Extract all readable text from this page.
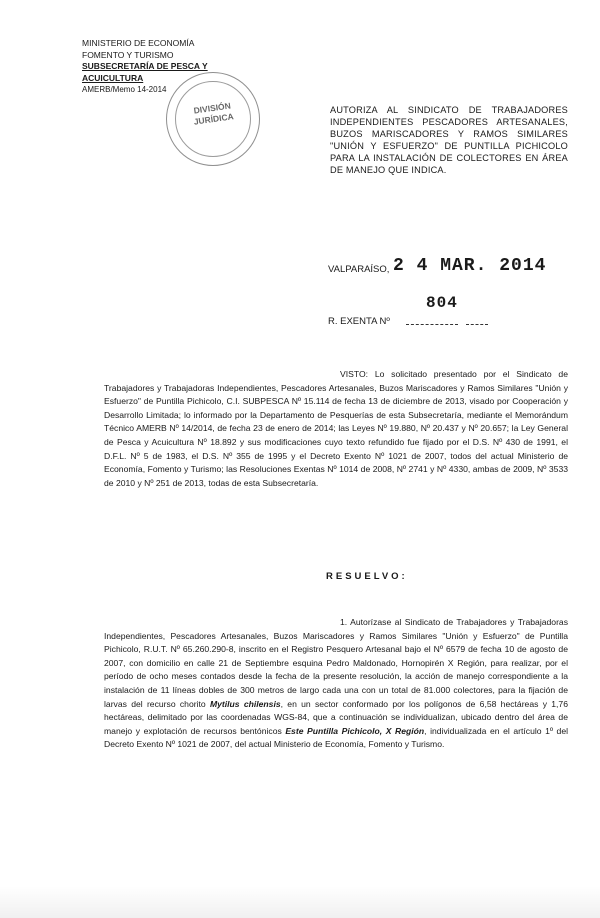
MINISTERIO DE ECONOMÍA
FOMENTO Y TURISMO
SUBSECRETARÍA DE PESCA Y ACUICULTURA
AMERB/Memo 14-2014
DIVISIÓN JURÍDICA
AUTORIZA AL SINDICATO DE TRABAJADORES INDEPENDIENTES PESCADORES ARTESANALES, BUZOS MARISCADORES Y RAMOS SIMILARES "UNIÓN Y ESFUERZO" DE PUNTILLA PICHICOLO PARA LA INSTALACIÓN DE COLECTORES EN ÁREA DE MANEJO QUE INDICA.
VALPARAÍSO, 2 4 MAR. 2014
R. EXENTA Nº
804
VISTO: Lo solicitado presentado por el Sindicato de Trabajadores y Trabajadoras Independientes, Pescadores Artesanales, Buzos Mariscadores y Ramos Similares "Unión y Esfuerzo" de Puntilla Pichicolo, C.I. SUBPESCA Nº 15.114 de fecha 13 de diciembre de 2013, visado por Cooperación y Desarrollo Limitada; lo informado por la Departamento de Pesquerías de esta Subsecretaría, mediante el Memorándum Técnico AMERB Nº 14/2014, de fecha 23 de enero de 2014; las Leyes Nº 19.880, Nº 20.437 y Nº 20.657; la Ley General de Pesca y Acuicultura Nº 18.892 y sus modificaciones cuyo texto refundido fue fijado por el D.S. Nº 430 de 1991, el D.F.L. Nº 5 de 1983, el D.S. Nº 355 de 1995 y el Decreto Exento Nº 1021 de 2007, todos del actual Ministerio de Economía, Fomento y Turismo; las Resoluciones Exentas Nº 1014 de 2008, Nº 2741 y Nº 4330, ambas de 2009, Nº 3533 de 2010 y Nº 251 de 2013, todas de esta Subsecretaría.
RESUELVO:
1. Autorízase al Sindicato de Trabajadores y Trabajadoras Independientes, Pescadores Artesanales, Buzos Mariscadores y Ramos Similares "Unión y Esfuerzo" de Puntilla Pichicolo, R.U.T. Nº 65.260.290-8, inscrito en el Registro Pesquero Artesanal bajo el Nº 6579 de fecha 10 de agosto de 2007, con domicilio en calle 21 de Septiembre esquina Pedro Maldonado, Hornopirén X Región, para realizar, por el período de ocho meses contados desde la fecha de la presente resolución, la acción de manejo correspondiente a la instalación de 11 líneas dobles de 300 metros de largo cada una con un total de 81.000 colectores, para la fijación de larvas del recurso chorito Mytilus chilensis, en un sector conformado por los polígonos de 6,58 hectáreas y 1,76 hectáreas, delimitado por las coordenadas WGS-84, que a continuación se individualizan, ubicado dentro del área de manejo y explotación de recursos bentónicos Este Puntilla Pichicolo, X Región, individualizada en el artículo 1º del Decreto Exento Nº 1021 de 2007, del actual Ministerio de Economía, Fomento y Turismo.
